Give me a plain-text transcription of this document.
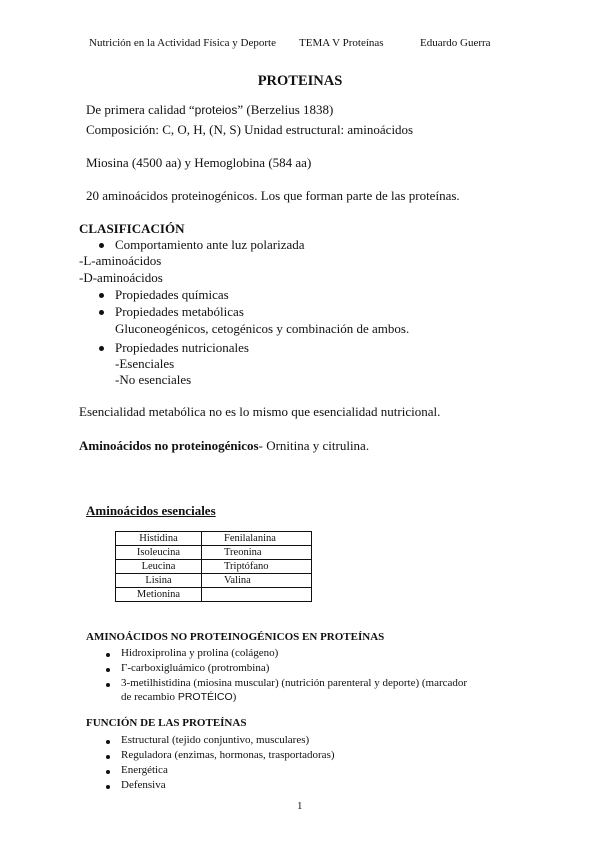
Nutrición en la Actividad Física y Deporte TEMA V Proteínas	Eduardo Guerra
PROTEINAS
De primera calidad “proteios” (Berzelius 1838)
Composición: C, O, H, (N, S) Unidad estructural: aminoácidos
Miosina (4500 aa) y Hemoglobina (584 aa)
20 aminoácidos proteinogénicos. Los que forman parte de las proteínas.
CLASIFICACIÓN
Comportamiento ante luz polarizada
-L-aminoácidos
-D-aminoácidos
Propiedades químicas
Propiedades metabólicas
Gluconeogénicos, cetogénicos y combinación de ambos.
Propiedades nutricionales
-Esenciales
-No esenciales
Esencialidad metabólica no es lo mismo que esencialidad nutricional.
Aminoácidos no proteinogénicos- Ornitina y citrulina.
Aminoácidos esenciales
Histidina	Fenilalanina
Isoleucina	Treonina
Leucina	Triptófano
Lisina	Valina
Metionina	
AMINOÁCIDOS NO PROTEINOGÉNICOS EN PROTEÍNAS
Hidroxiprolina y prolina (colágeno)
Γ-carboxigluámico (protrombina)
3-metilhistidina (miosina muscular) (nutrición parenteral y deporte) (marcador
de recambio PROTÉICO)
FUNCIÓN DE LAS PROTEÍNAS
Estructural (tejido conjuntivo, musculares)
Reguladora (enzimas, hormonas, trasportadoras)
Energética
Defensiva
1
